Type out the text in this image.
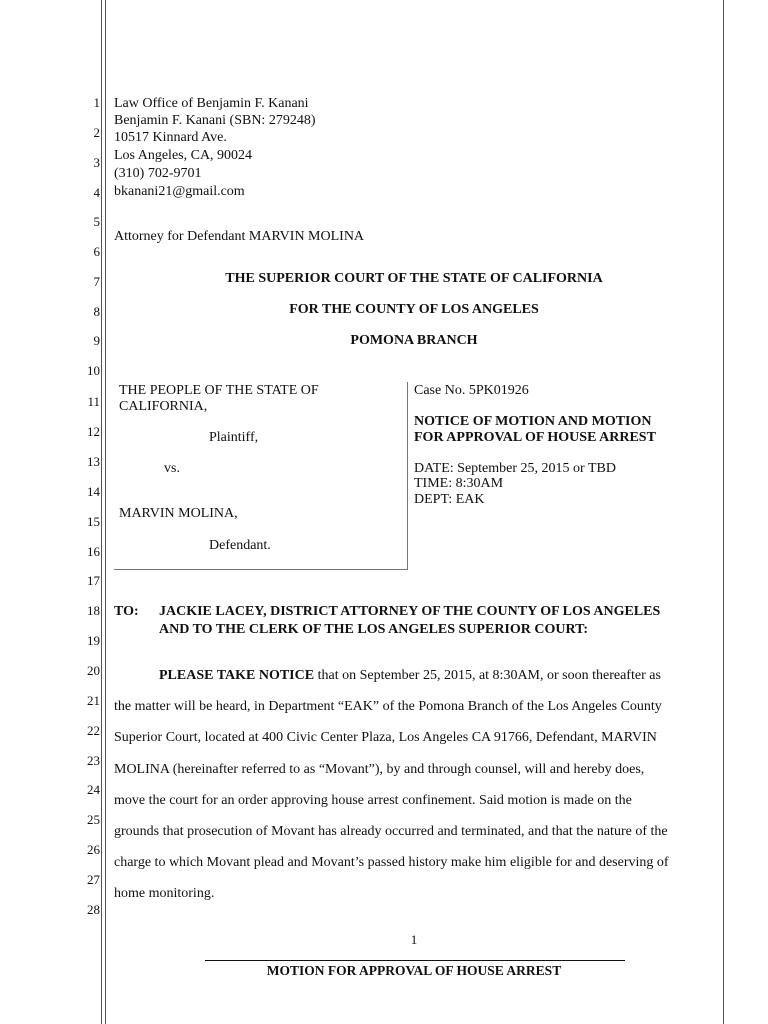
1
2
3
4
5
6
7
8
9
10
11
12
13
14
15
16
17
18
19
20
21
22
23
24
25
26
27
28
Law Office of Benjamin F. Kanani
Benjamin F. Kanani (SBN: 279248)
10517 Kinnard Ave.
Los Angeles, CA, 90024
(310) 702-9701
bkanani21@gmail.com
Attorney for Defendant MARVIN MOLINA
THE SUPERIOR COURT OF THE STATE OF CALIFORNIA
FOR THE COUNTY OF LOS ANGELES
POMONA BRANCH
THE PEOPLE OF THE STATE OF
CALIFORNIA,
Plaintiff,
vs.
MARVIN MOLINA,
Defendant.
Case No. 5PK01926
NOTICE OF MOTION AND MOTION
FOR APPROVAL OF HOUSE ARREST
DATE: September 25, 2015 or TBD
TIME: 8:30AM
DEPT: EAK
TO: JACKIE LACEY, DISTRICT ATTORNEY OF THE COUNTY OF LOS ANGELES
AND TO THE CLERK OF THE LOS ANGELES SUPERIOR COURT:
PLEASE TAKE NOTICE that on September 25, 2015, at 8:30AM, or soon thereafter as
the matter will be heard, in Department “EAK” of the Pomona Branch of the Los Angeles County
Superior Court, located at 400 Civic Center Plaza, Los Angeles CA 91766, Defendant, MARVIN
MOLINA (hereinafter referred to as “Movant”), by and through counsel, will and hereby does,
move the court for an order approving house arrest confinement. Said motion is made on the
grounds that prosecution of Movant has already occurred and terminated, and that the nature of the
charge to which Movant plead and Movant’s passed history make him eligible for and deserving of
home monitoring.
1
MOTION FOR APPROVAL OF HOUSE ARREST
